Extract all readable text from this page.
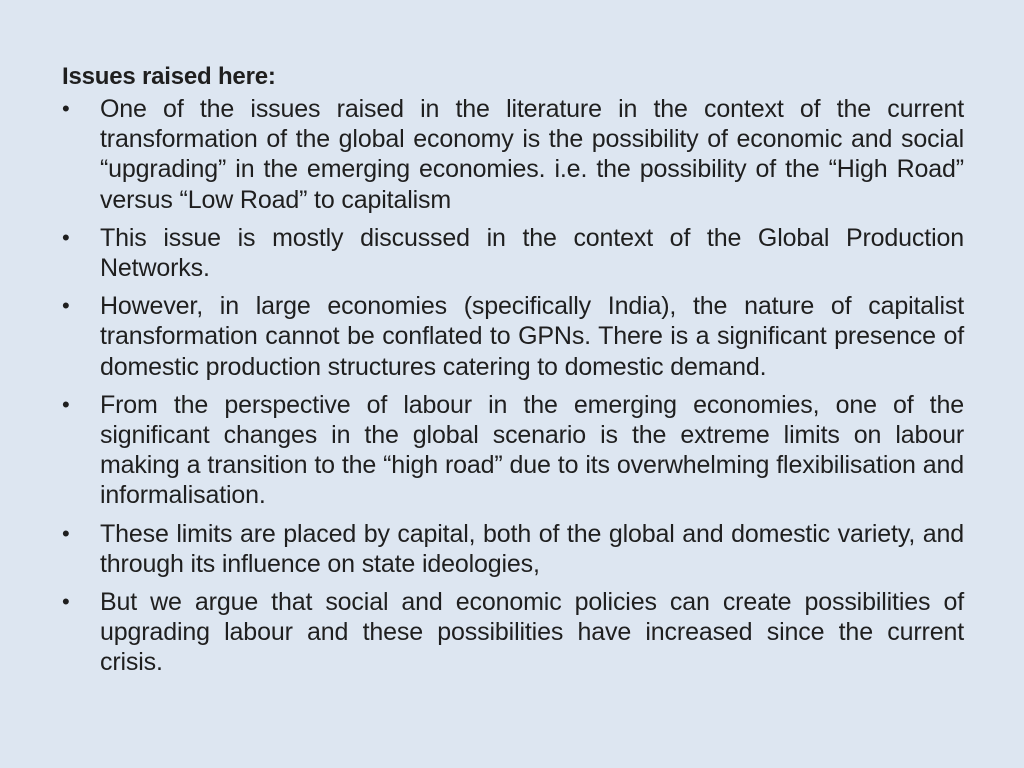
Issues raised here:
• One of the issues raised in the literature in the context of the current transformation of the global economy is the possibility of economic and social “upgrading” in the emerging economies. i.e. the possibility of the “High Road” versus “Low Road” to capitalism
• This issue is mostly discussed in the context of the Global Production Networks.
• However, in large economies (specifically India), the nature of capitalist transformation cannot be conflated to GPNs. There is a significant presence of domestic production structures catering to domestic demand.
• From the perspective of labour in the emerging economies, one of the significant changes in the global scenario is the extreme limits on labour making a transition to the “high road” due to its overwhelming flexibilisation and informalisation.
• These limits are placed by capital, both of the global and domestic variety, and through its influence on state ideologies,
• But we argue that social and economic policies can create possibilities of upgrading labour and these possibilities have increased since the current crisis.
